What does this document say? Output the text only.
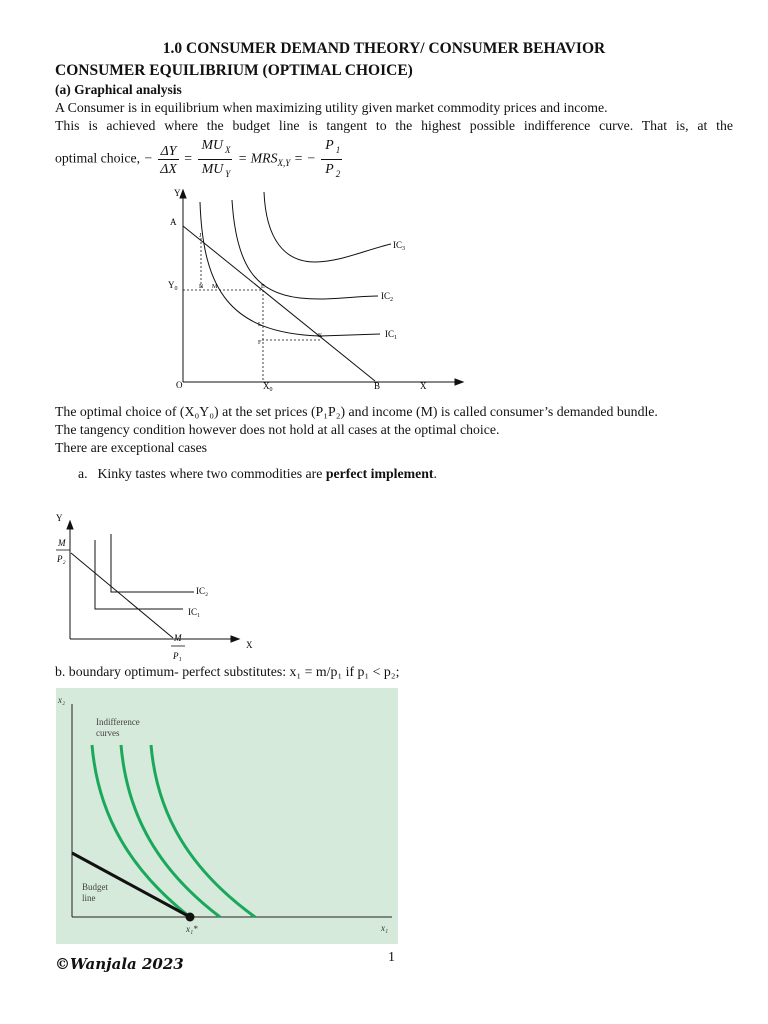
1.0 CONSUMER DEMAND THEORY/ CONSUMER BEHAVIOR
CONSUMER EQUILIBRIUM (OPTIMAL CHOICE)
(a) Graphical analysis
A Consumer is in equilibrium when maximizing utility given market commodity prices and income.
This is achieved where the budget line is tangent to the highest possible indifference curve. That is, at the
optimal choice, − $\frac{\Delta Y}{\Delta X} = \frac{MU _X}{MU _Y} = MRS_{X,Y}$ = − $\frac{P _1}{P _2}$
Y
X
O
A
B
$Y_0$
$X_0$
$IC_3$
$IC_2$
$IC_1$
J
N M	E
L
F
K
The optimal choice of (X₀Y₀) at the set prices (P₁P₂) and income (M) is called consumer’s demanded bundle.
The tangency condition however does not hold at all cases at the optimal choice.
There are exceptional cases
a. Kinky tastes where two commodities are perfect implement.
Y
X
M
P₂
M
P₁
IC₂
IC₁
b. boundary optimum- perfect substitutes: x₁ = m/p₁ if p₁ < p₂;
x₂
x₁
Indifference
curves
Budget
line
x₁*
©Wanjala 2023	1
